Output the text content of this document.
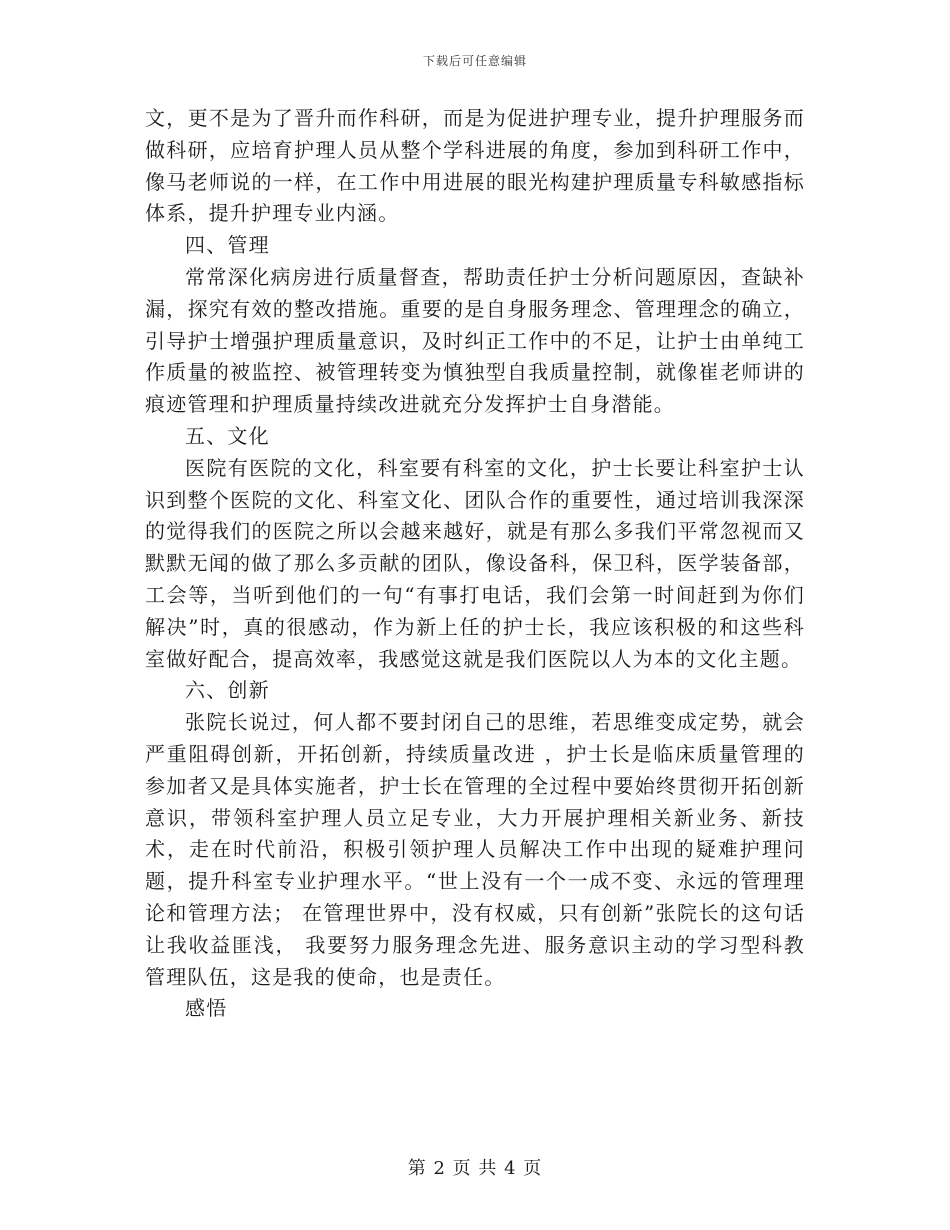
下载后可任意编辑

文，更不是为了晋升而作科研，而是为促进护理专业，提升护理服务而做科研，应培育护理人员从整个学科进展的角度，参加到科研工作中，像马老师说的一样，在工作中用进展的眼光构建护理质量专科敏感指标体系，提升护理专业内涵。

四、管理

常常深化病房进行质量督查，帮助责任护士分析问题原因，查缺补漏，探究有效的整改措施。重要的是自身服务理念、管理理念的确立，引导护士增强护理质量意识，及时纠正工作中的不足，让护士由单纯工作质量的被监控、被管理转变为慎独型自我质量控制，就像崔老师讲的痕迹管理和护理质量持续改进就充分发挥护士自身潜能。

五、文化

医院有医院的文化，科室要有科室的文化，护士长要让科室护士认识到整个医院的文化、科室文化、团队合作的重要性，通过培训我深深的觉得我们的医院之所以会越来越好，就是有那么多我们平常忽视而又默默无闻的做了那么多贡献的团队，像设备科，保卫科，医学装备部，工会等，当听到他们的一句“有事打电话，我们会第一时间赶到为你们解决”时，真的很感动，作为新上任的护士长，我应该积极的和这些科室做好配合，提高效率，我感觉这就是我们医院以人为本的文化主题。

六、创新

张院长说过，何人都不要封闭自己的思维，若思维变成定势，就会严重阻碍创新，开拓创新，持续质量改进 ，护士长是临床质量管理的参加者又是具体实施者，护士长在管理的全过程中要始终贯彻开拓创新意识，带领科室护理人员立足专业，大力开展护理相关新业务、新技术，走在时代前沿，积极引领护理人员解决工作中出现的疑难护理问题，提升科室专业护理水平。“世上没有一个一成不变、永远的管理理论和管理方法； 在管理世界中，没有权威，只有创新”张院长的这句话让我收益匪浅， 我要努力服务理念先进、服务意识主动的学习型科教管理队伍，这是我的使命，也是责任。

感悟

第 2 页 共 4 页
